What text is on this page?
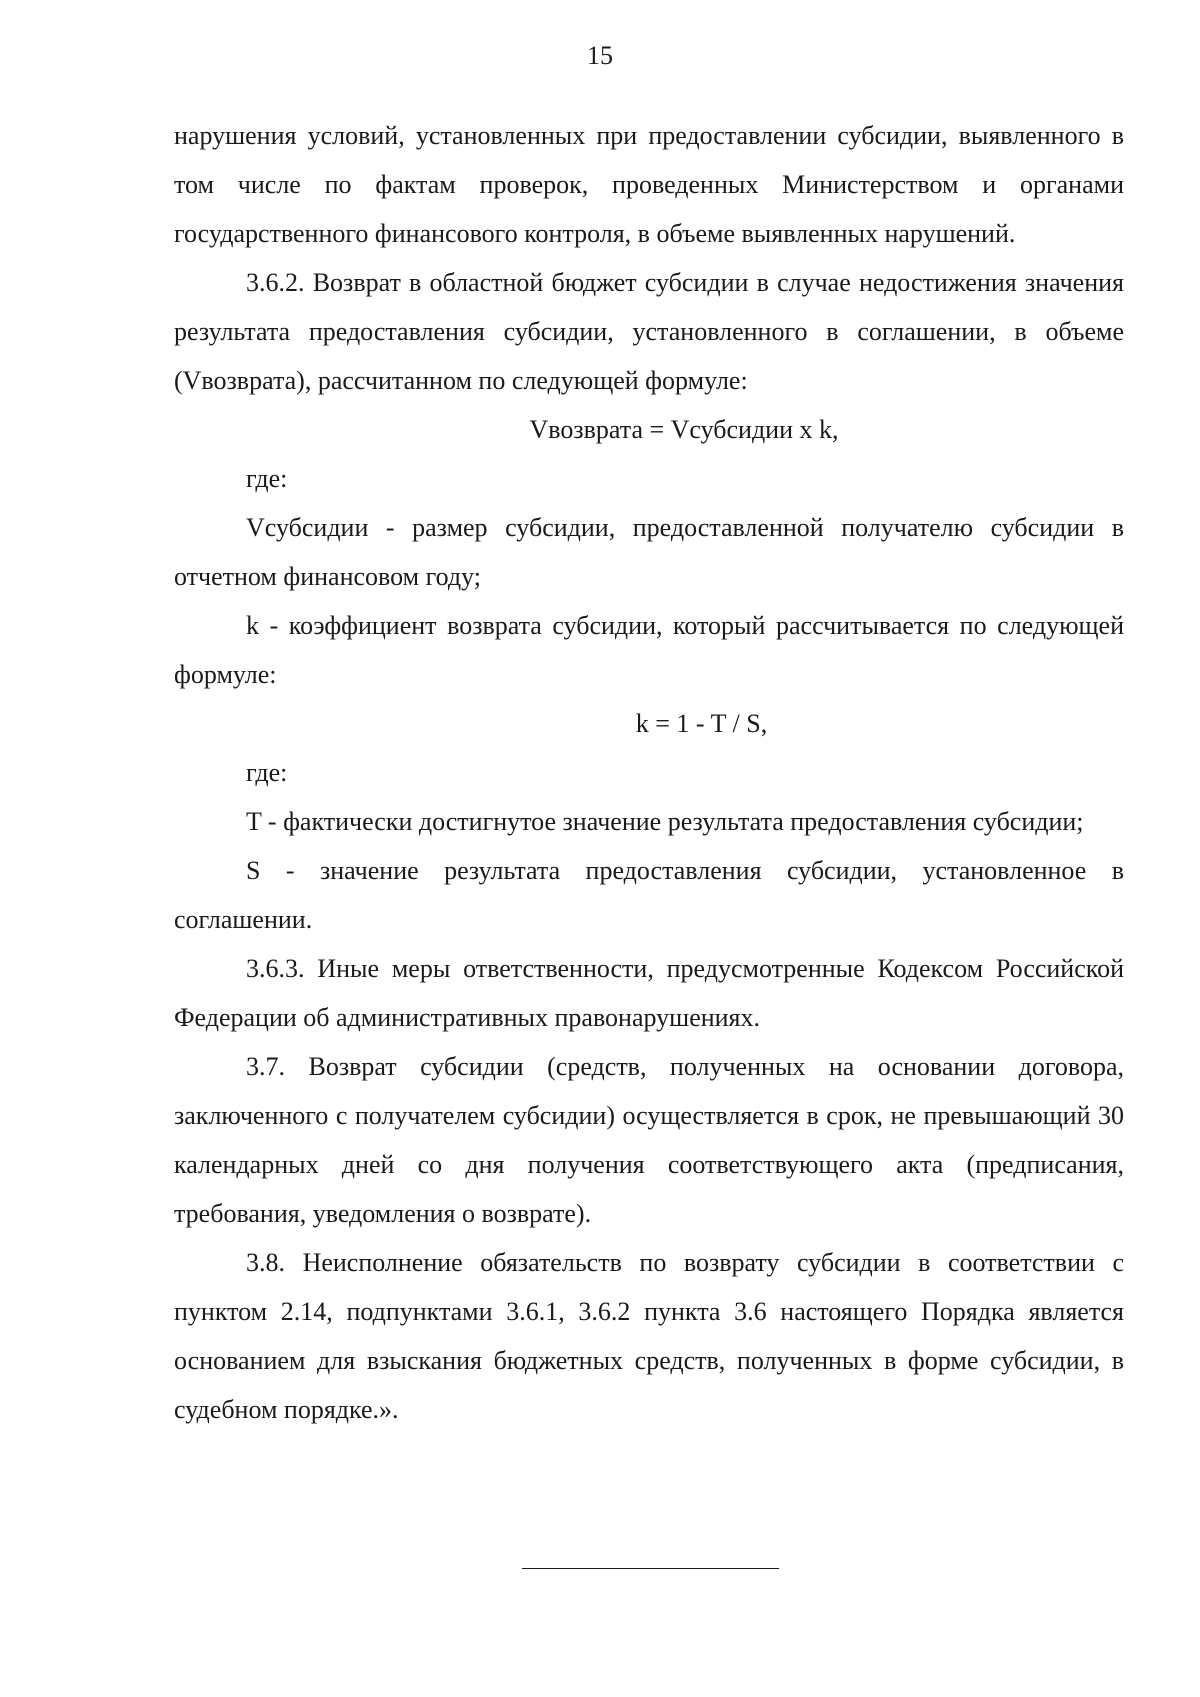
15

нарушения условий, установленных при предоставлении субсидии, выявленного в том числе по фактам проверок, проведенных Министерством и органами государственного финансового контроля, в объеме выявленных нарушений.

3.6.2. Возврат в областной бюджет субсидии в случае недостижения значения результата предоставления субсидии, установленного в соглашении, в объеме (Vвозврата), рассчитанном по следующей формуле:

Vвозврата = Vсубсидии x k,

где:

Vсубсидии - размер субсидии, предоставленной получателю субсидии в отчетном финансовом году;

k - коэффициент возврата субсидии, который рассчитывается по следующей формуле:

k = 1 - T / S,

где:

T - фактически достигнутое значение результата предоставления субсидии;

S - значение результата предоставления субсидии, установленное в соглашении.

3.6.3. Иные меры ответственности, предусмотренные Кодексом Российской Федерации об административных правонарушениях.

3.7. Возврат субсидии (средств, полученных на основании договора, заключенного с получателем субсидии) осуществляется в срок, не превышающий 30 календарных дней со дня получения соответствующего акта (предписания, требования, уведомления о возврате).

3.8. Неисполнение обязательств по возврату субсидии в соответствии с пунктом 2.14, подпунктами 3.6.1, 3.6.2 пункта 3.6 настоящего Порядка является основанием для взыскания бюджетных средств, полученных в форме субсидии, в судебном порядке.».
